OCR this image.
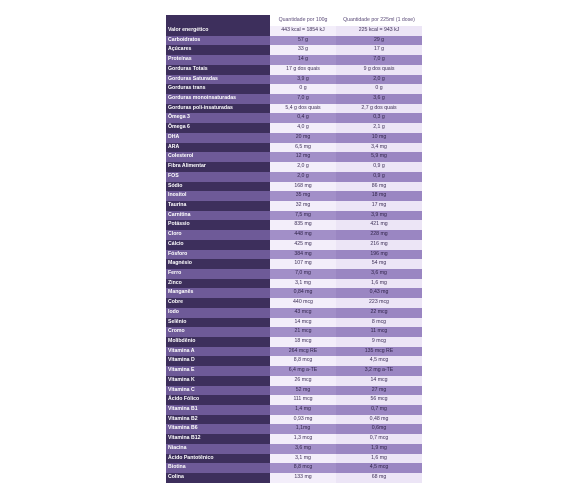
	Quantidade por 100g	Quantidade por 225ml (1 dose)
Valor energético	443 kcal = 1854 kJ	225 kcal = 943 kJ
Carboidratos	57 g	29 g
Açúcares	33 g	17 g
Proteínas	14 g	7,0 g
Gorduras Totais	17 g dos quais	9 g dos quais
Gorduras Saturadas	3,9 g	2,0 g
Gorduras trans	0 g	0 g
Gorduras monoinsaturadas	7,0 g	3,6 g
Gorduras poli-insaturadas	5,4 g dos quais	2,7 g dos quais
Ômega 3	0,4 g	0,3 g
Ômega 6	4,0 g	2,1 g
DHA	20 mg	10 mg
ARA	6,5 mg	3,4 mg
Colesterol	12 mg	5,9 mg
Fibra Alimentar	2,0 g	0,9 g
FOS	2,0 g	0,9 g
Sódio	168 mg	86 mg
Inositol	35 mg	18 mg
Taurina	32 mg	17 mg
Carnitina	7,5 mg	3,9 mg
Potássio	835 mg	421 mg
Cloro	448 mg	228 mg
Cálcio	425 mg	216 mg
Fósforo	384 mg	196 mg
Magnésio	107 mg	54 mg
Ferro	7,0 mg	3,6 mg
Zinco	3,1 mg	1,6 mg
Manganês	0,84 mg	0,43 mg
Cobre	440 mcg	223 mcg
Iodo	43 mcg	22 mcg
Selênio	14 mcg	8 mcg
Cromo	21 mcg	11 mcg
Molibdênio	18 mcg	9 mcg
Vitamina A	264 mcg RE	135 mcg RE
Vitamina D	8,8 mcg	4,5 mcg
Vitamina E	6,4 mg a-TE	3,2 mg a-TE
Vitamina K	26 mcg	14 mcg
Vitamina C	52 mg	27 mg
Ácido Fólico	111 mcg	56 mcg
Vitamina B1	1,4 mg	0,7 mg
Vitamina B2	0,93 mg	0,48 mg
Vitamina B6	1,1mg	0,6mg
Vitamina B12	1,3 mcg	0,7 mcg
Niacina	3,6 mg	1,9 mg
Ácido Pantotênico	3,1 mg	1,6 mg
Biotina	8,8 mcg	4,5 mcg
Colina	133 mg	68 mg
